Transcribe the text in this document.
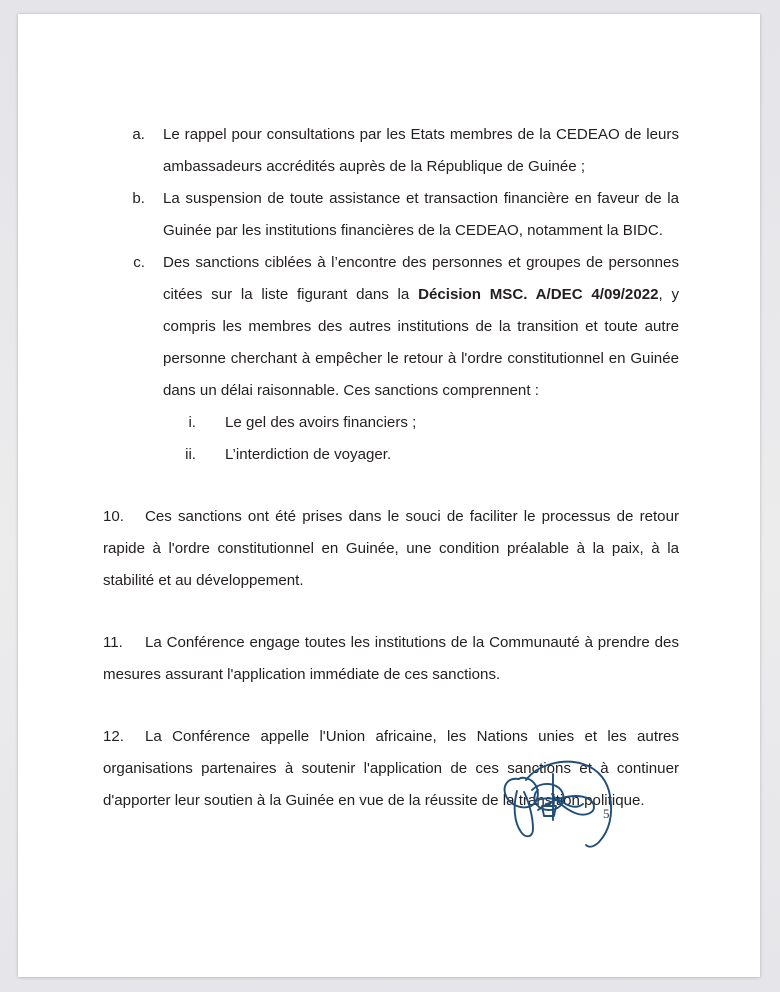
a. Le rappel pour consultations par les Etats membres de la CEDEAO de leurs ambassadeurs accrédités auprès de la République de Guinée ;
b. La suspension de toute assistance et transaction financière en faveur de la Guinée par les institutions financières de la CEDEAO, notamment la BIDC.
c. Des sanctions ciblées à l’encontre des personnes et groupes de personnes citées sur la liste figurant dans la Décision MSC. A/DEC 4/09/2022, y compris les membres des autres institutions de la transition et toute autre personne cherchant à empêcher le retour à l'ordre constitutionnel en Guinée dans un délai raisonnable. Ces sanctions comprennent :
i. Le gel des avoirs financiers ;
ii. L’interdiction de voyager.

10. Ces sanctions ont été prises dans le souci de faciliter le processus de retour rapide à l'ordre constitutionnel en Guinée, une condition préalable à la paix, à la stabilité et au développement.

11. La Conférence engage toutes les institutions de la Communauté à prendre des mesures assurant l'application immédiate de ces sanctions.

12. La Conférence appelle l'Union africaine, les Nations unies et les autres organisations partenaires à soutenir l'application de ces sanctions et à continuer d'apporter leur soutien à la Guinée en vue de la réussite de la transition politique.

5
